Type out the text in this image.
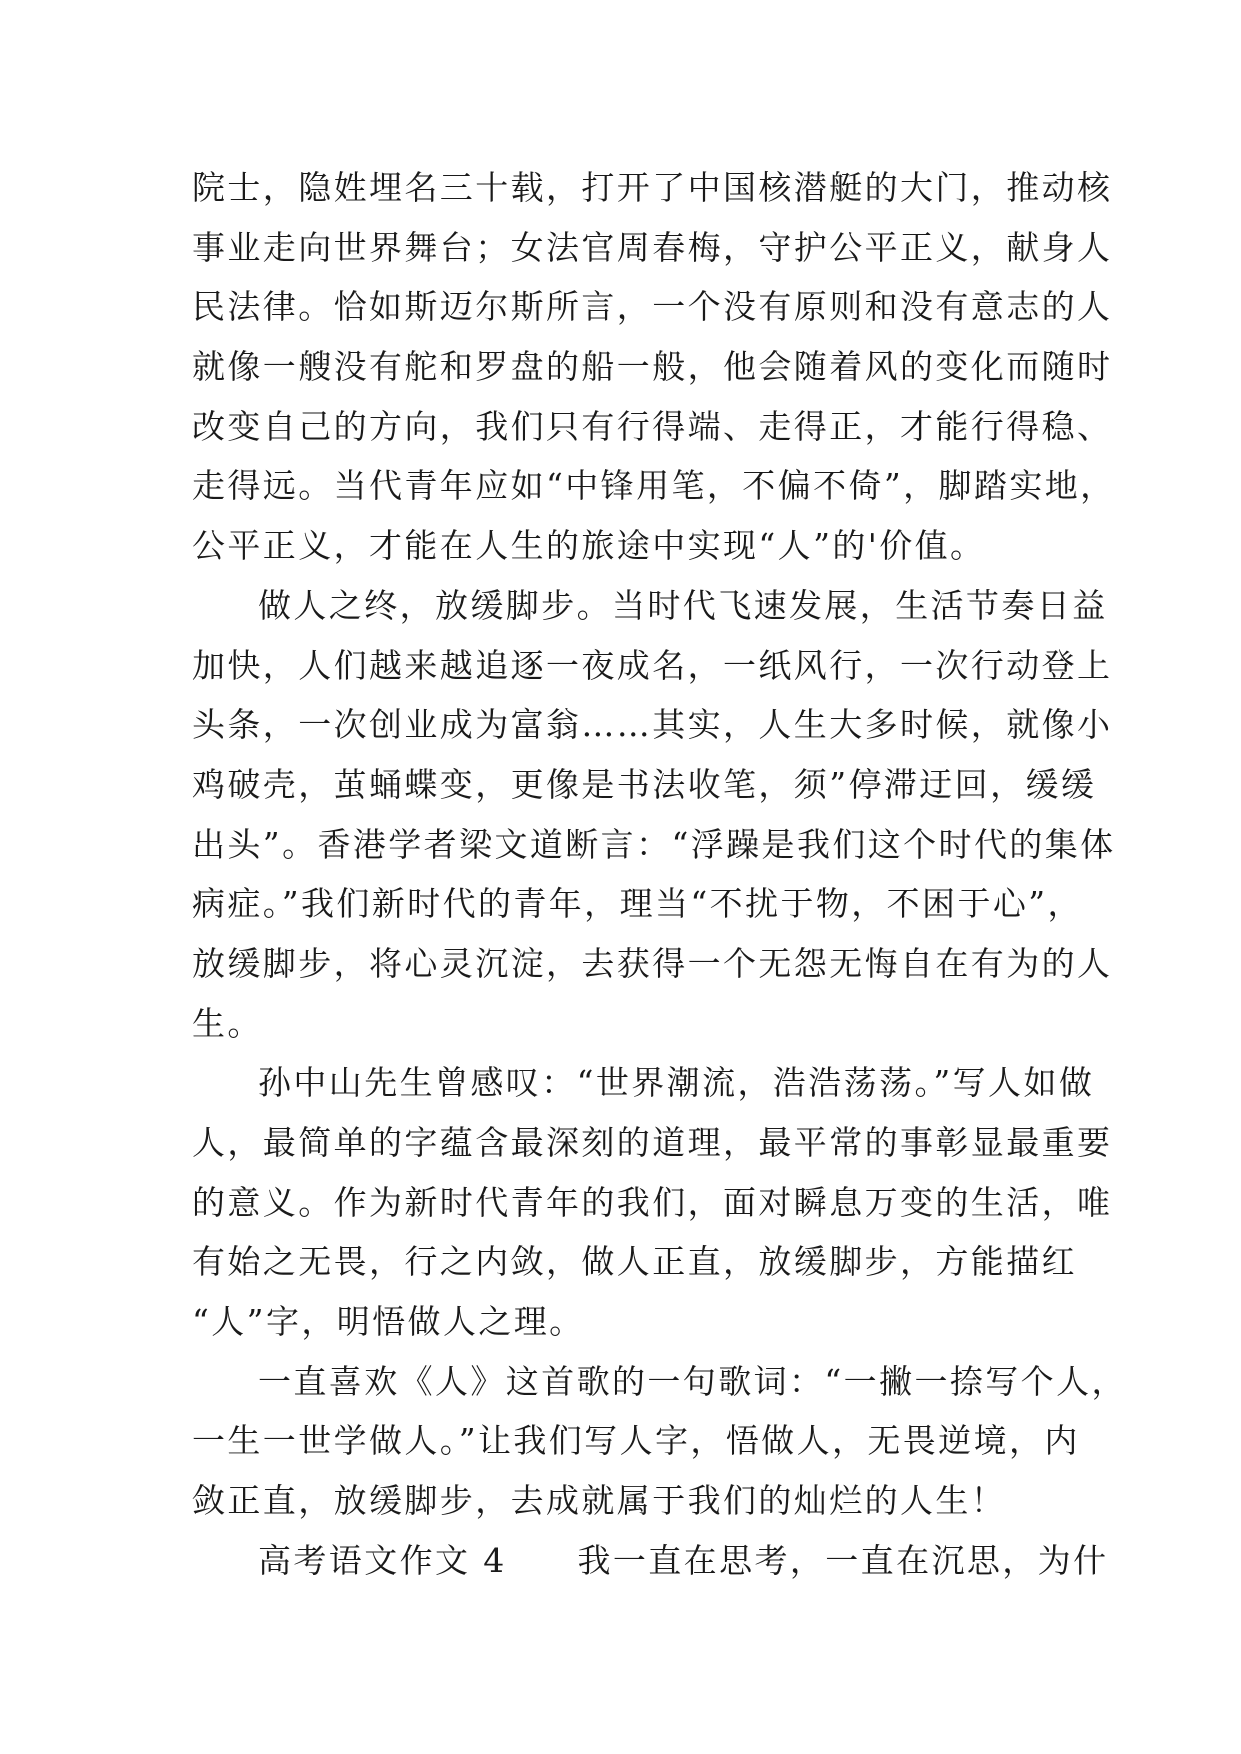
院士，隐姓埋名三十载，打开了中国核潜艇的大门，推动核
事业走向世界舞台；女法官周春梅，守护公平正义，献身人
民法律。恰如斯迈尔斯所言，一个没有原则和没有意志的人
就像一艘没有舵和罗盘的船一般，他会随着风的变化而随时
改变自己的方向，我们只有行得端、走得正，才能行得稳、
走得远。当代青年应如“中锋用笔，不偏不倚”，脚踏实地，
公平正义，才能在人生的旅途中实现“人”的'价值。
做人之终，放缓脚步。当时代飞速发展，生活节奏日益
加快，人们越来越追逐一夜成名，一纸风行，一次行动登上
头条，一次创业成为富翁……其实，人生大多时候，就像小
鸡破壳，茧蛹蝶变，更像是书法收笔，须”停滞迂回，缓缓
出头”。香港学者梁文道断言：“浮躁是我们这个时代的集体
病症。”我们新时代的青年，理当“不扰于物，不困于心”，
放缓脚步，将心灵沉淀，去获得一个无怨无悔自在有为的人
生。
孙中山先生曾感叹：“世界潮流，浩浩荡荡。”写人如做
人，最简单的字蕴含最深刻的道理，最平常的事彰显最重要
的意义。作为新时代青年的我们，面对瞬息万变的生活，唯
有始之无畏，行之内敛，做人正直，放缓脚步，方能描红
“人”字，明悟做人之理。
一直喜欢《人》这首歌的一句歌词：“一撇一捺写个人，
一生一世学做人。”让我们写人字，悟做人，无畏逆境，内
敛正直，放缓脚步，去成就属于我们的灿烂的人生！
高考语文作文 4　　我一直在思考，一直在沉思，为什
